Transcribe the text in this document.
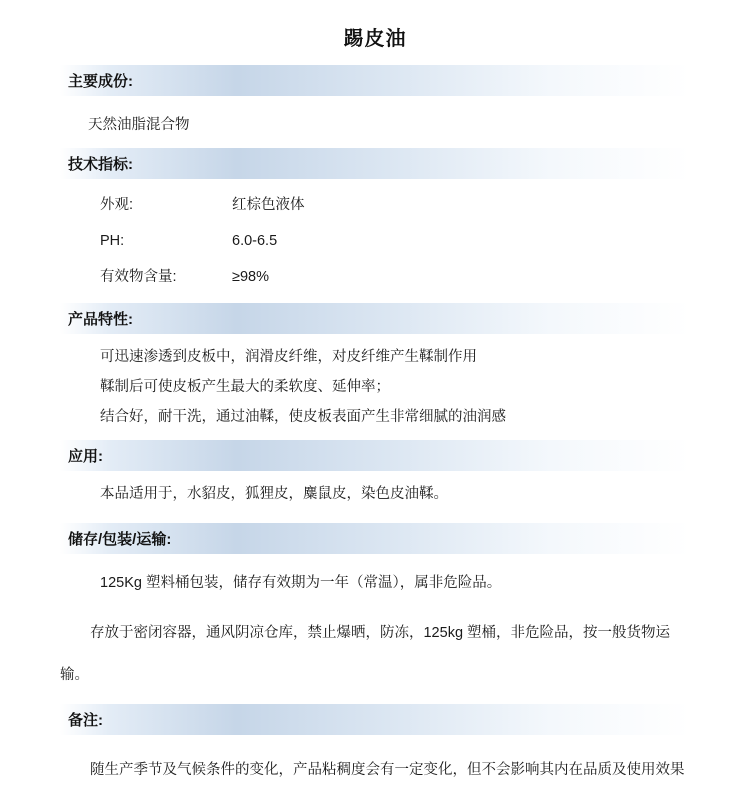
踢皮油
主要成份:
天然油脂混合物
技术指标:
外观:	红棕色液体
PH:	6.0-6.5
有效物含量:	≥98%
产品特性:
可迅速渗透到皮板中，润滑皮纤维，对皮纤维产生鞣制作用
鞣制后可使皮板产生最大的柔软度、延伸率；
结合好，耐干洗，通过油鞣，使皮板表面产生非常细腻的油润感
应用:
本品适用于，水貂皮，狐狸皮，麋鼠皮，染色皮油鞣。
储存/包装/运输:
125Kg 塑料桶包装，储存有效期为一年（常温），属非危险品。
存放于密闭容器，通风阴凉仓库，禁止爆晒，防冻，125kg 塑桶，非危险品，按一般货物运输。
备注:
随生产季节及气候条件的变化，产品粘稠度会有一定变化，但不会影响其内在品质及使用效果
